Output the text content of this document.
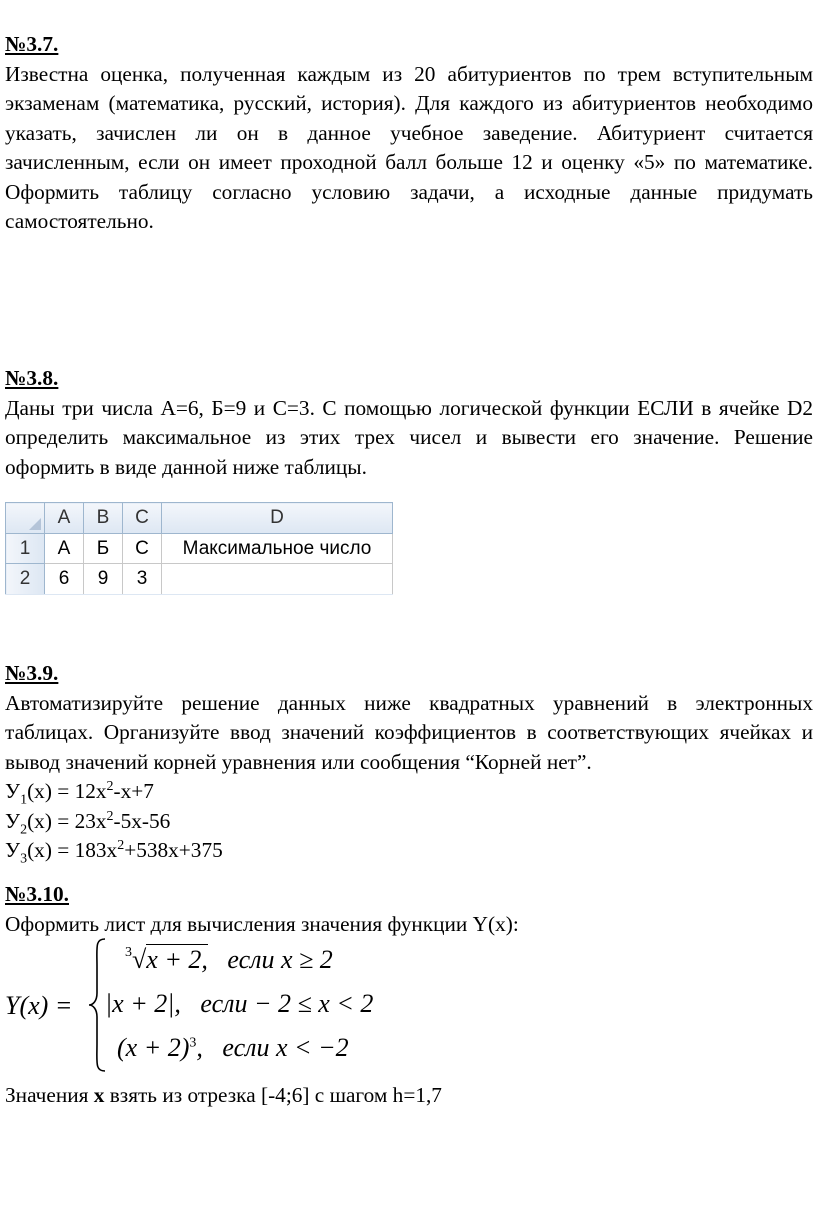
№3.7.

Известна оценка, полученная каждым из 20 абитуриентов по трем вступительным экзаменам (математика, русский, история). Для каждого из абитуриентов необходимо указать, зачислен ли он в данное учебное заведение. Абитуриент считается зачисленным, если он имеет проходной балл больше 12 и оценку «5» по математике. Оформить таблицу согласно условию задачи, а исходные данные придумать самостоятельно.

№3.8.

Даны три числа А=6, Б=9 и С=3. С помощью логической функции ЕСЛИ в ячейке D2 определить максимальное из этих трех чисел и вывести его значение. Решение оформить в виде данной ниже таблицы.

	A	B	C	D
1	А	Б	С	Максимальное число
2	6	9	3	

№3.9.

Автоматизируйте решение данных ниже квадратных уравнений в электронных таблицах. Организуйте ввод значений коэффициентов в соответствующих ячейках и вывод значений корней уравнения или сообщения “Корней нет”.

$У_1(x) = 12x^2-x+7$

$У_2(x) = 23x^2-5x-56$

$У_3(x) = 183x^2+538x+375$

№3.10.

Оформить лист для вычисления значения функции Y(x):

Y(x) =
$^3$√x + 2, если x ≥ 2
|x + 2|, если − 2 ≤ x < 2
$(x + 2)^3$, если x < −2

Значения x взять из отрезка [-4;6] с шагом h=1,7
